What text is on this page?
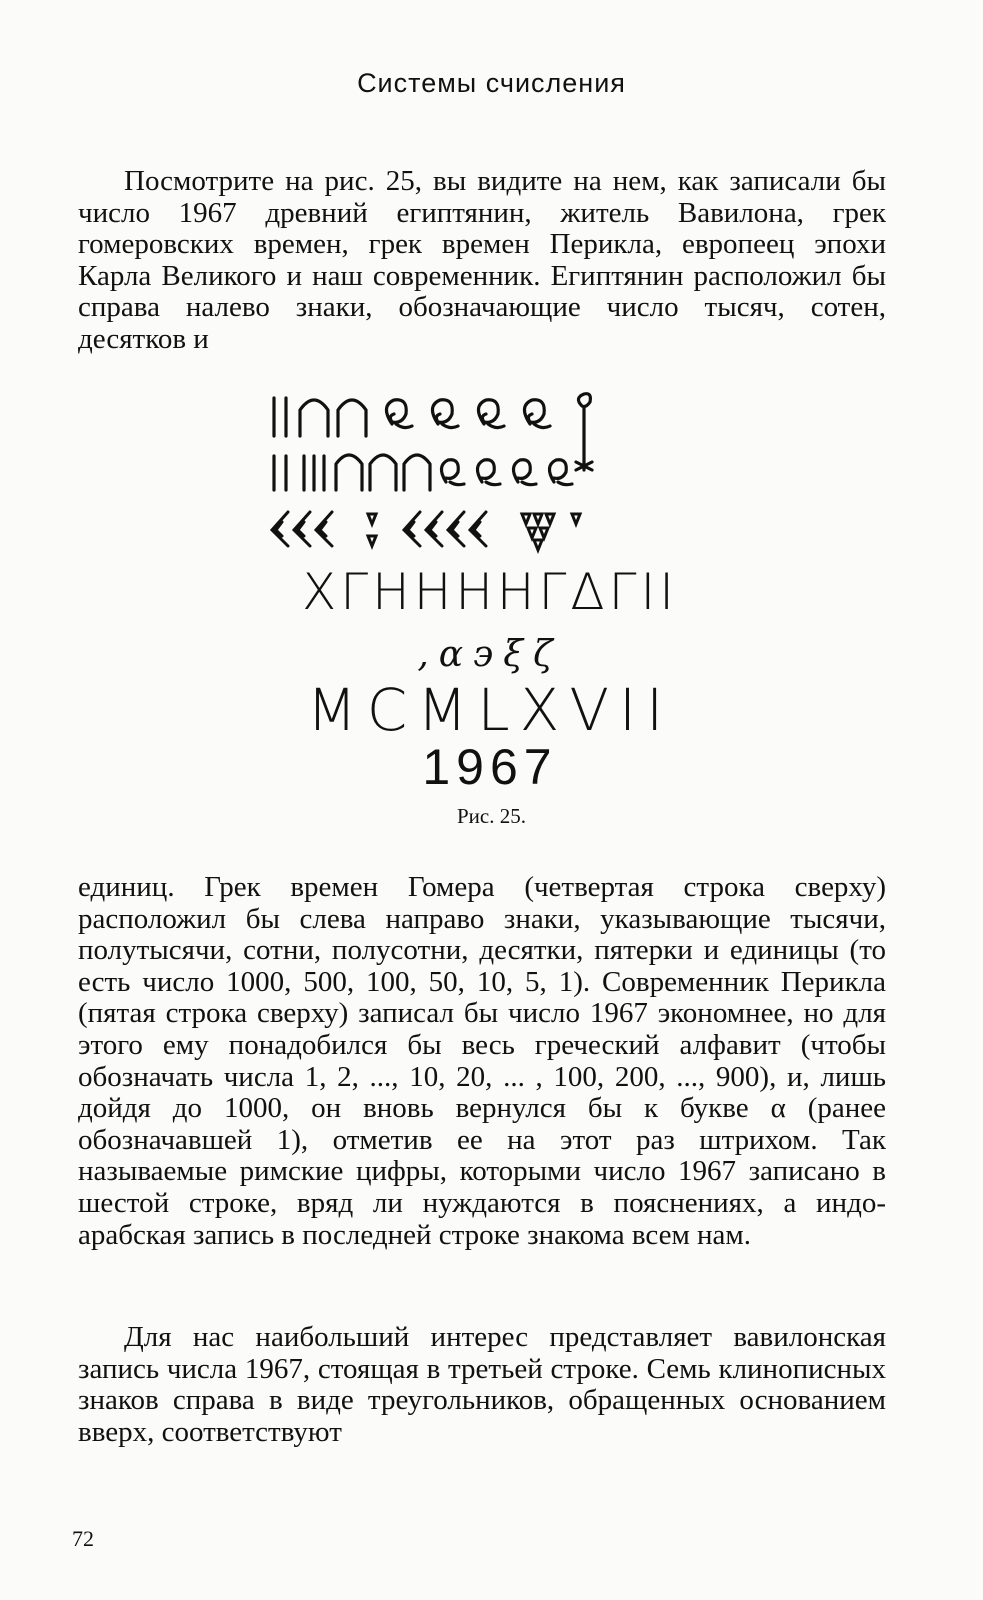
Системы счисления

Посмотрите на рис. 25, вы видите на нем, как записали бы число 1967 древний египтянин, житель Вавилона, грек гомеровских времен, грек времен Перикла, европеец эпохи Карла Великого и наш современник. Египтянин расположил бы справа налево знаки, обозначающие число тысяч, сотен, десятков и

ΧΓΗΗΗΗΓΔΓΙΙ
,α϶ξζ
MCMLXVII
1967
Рис. 25.

единиц. Грек времен Гомера (четвертая строка сверху) расположил бы слева направо знаки, указывающие тысячи, полутысячи, сотни, полусотни, десятки, пятерки и единицы (то есть число 1000, 500, 100, 50, 10, 5, 1). Современник Перикла (пятая строка сверху) записал бы число 1967 экономнее, но для этого ему понадобился бы весь греческий алфавит (чтобы обозначать числа 1, 2, ..., 10, 20, ... , 100, 200, ..., 900), и, лишь дойдя до 1000, он вновь вернулся бы к букве α (ранее обозначавшей 1), отметив ее на этот раз штрихом. Так называемые римские цифры, которыми число 1967 записано в шестой строке, вряд ли нуждаются в пояснениях, а индо-арабская запись в последней строке знакома всем нам.

Для нас наибольший интерес представляет вавилонская запись числа 1967, стоящая в третьей строке. Семь клинописных знаков справа в виде треугольников, обращенных основанием вверх, соответствуют

72
